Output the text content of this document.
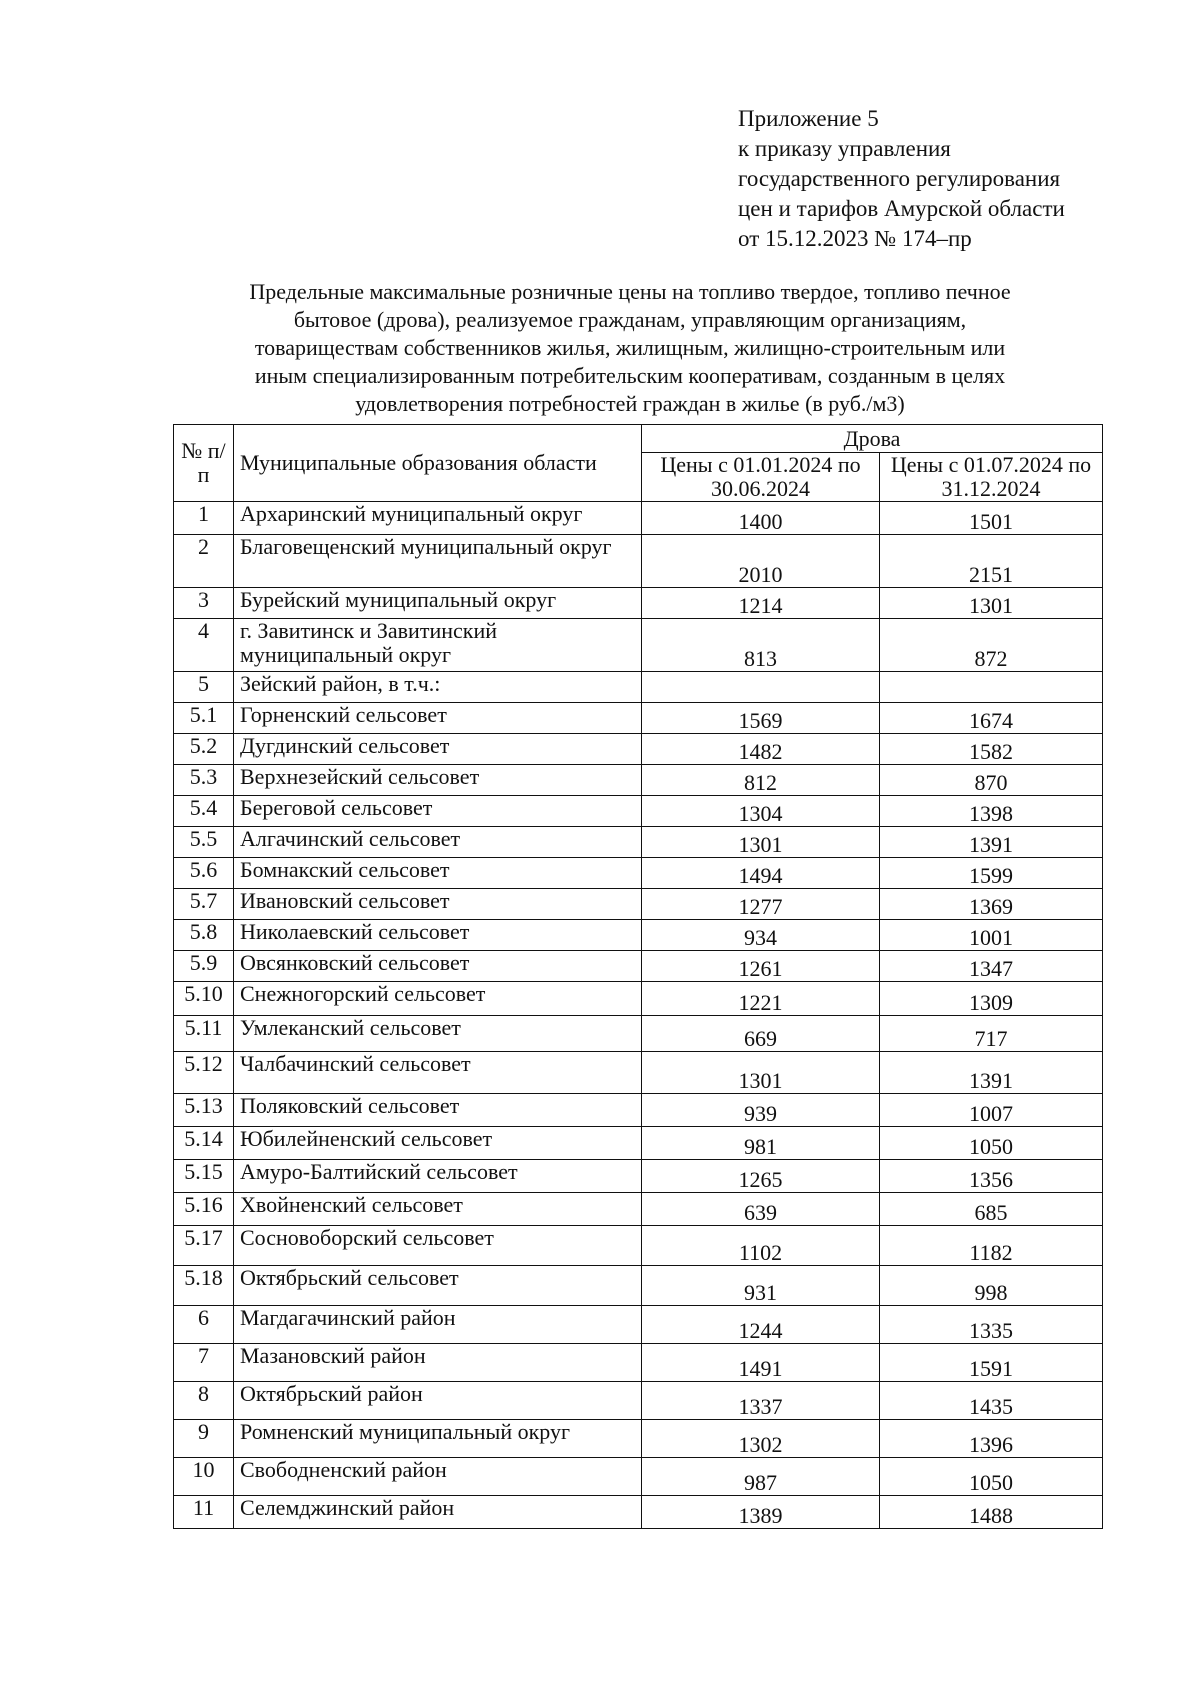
Приложение 5
к приказу управления
государственного регулирования
цен и тарифов Амурской области
от 15.12.2023 № 174–пр
Предельные максимальные розничные цены на топливо твердое, топливо печное
бытовое (дрова), реализуемое гражданам, управляющим организациям,
товариществам собственников жилья, жилищным, жилищно-строительным или
иным специализированным потребительским кооперативам, созданным в целях
удовлетворения потребностей граждан в жилье (в руб./м3)
№ п/п	Муниципальные образования области	Дрова	
		Цены с 01.01.2024 по 30.06.2024	Цены с 01.07.2024 по 31.12.2024
1	Архаринский муниципальный округ	1400	1501
2	Благовещенский муниципальный округ	2010	2151
3	Бурейский муниципальный округ	1214	1301
4	г. Завитинск и Завитинский муниципальный округ	813	872
5	Зейский район, в т.ч.:		
5.1	Горненский сельсовет	1569	1674
5.2	Дугдинский сельсовет	1482	1582
5.3	Верхнезейский сельсовет	812	870
5.4	Береговой сельсовет	1304	1398
5.5	Алгачинский сельсовет	1301	1391
5.6	Бомнакский сельсовет	1494	1599
5.7	Ивановский сельсовет	1277	1369
5.8	Николаевский сельсовет	934	1001
5.9	Овсянковский сельсовет	1261	1347
5.10	Снежногорский сельсовет	1221	1309
5.11	Умлеканский сельсовет	669	717
5.12	Чалбачинский сельсовет	1301	1391
5.13	Поляковский сельсовет	939	1007
5.14	Юбилейненский сельсовет	981	1050
5.15	Амуро-Балтийский сельсовет	1265	1356
5.16	Хвойненский сельсовет	639	685
5.17	Сосновоборский сельсовет	1102	1182
5.18	Октябрьский сельсовет	931	998
6	Магдагачинский район	1244	1335
7	Мазановский район	1491	1591
8	Октябрьский район	1337	1435
9	Ромненский муниципальный округ	1302	1396
10	Свободненский район	987	1050
11	Селемджинский район	1389	1488
